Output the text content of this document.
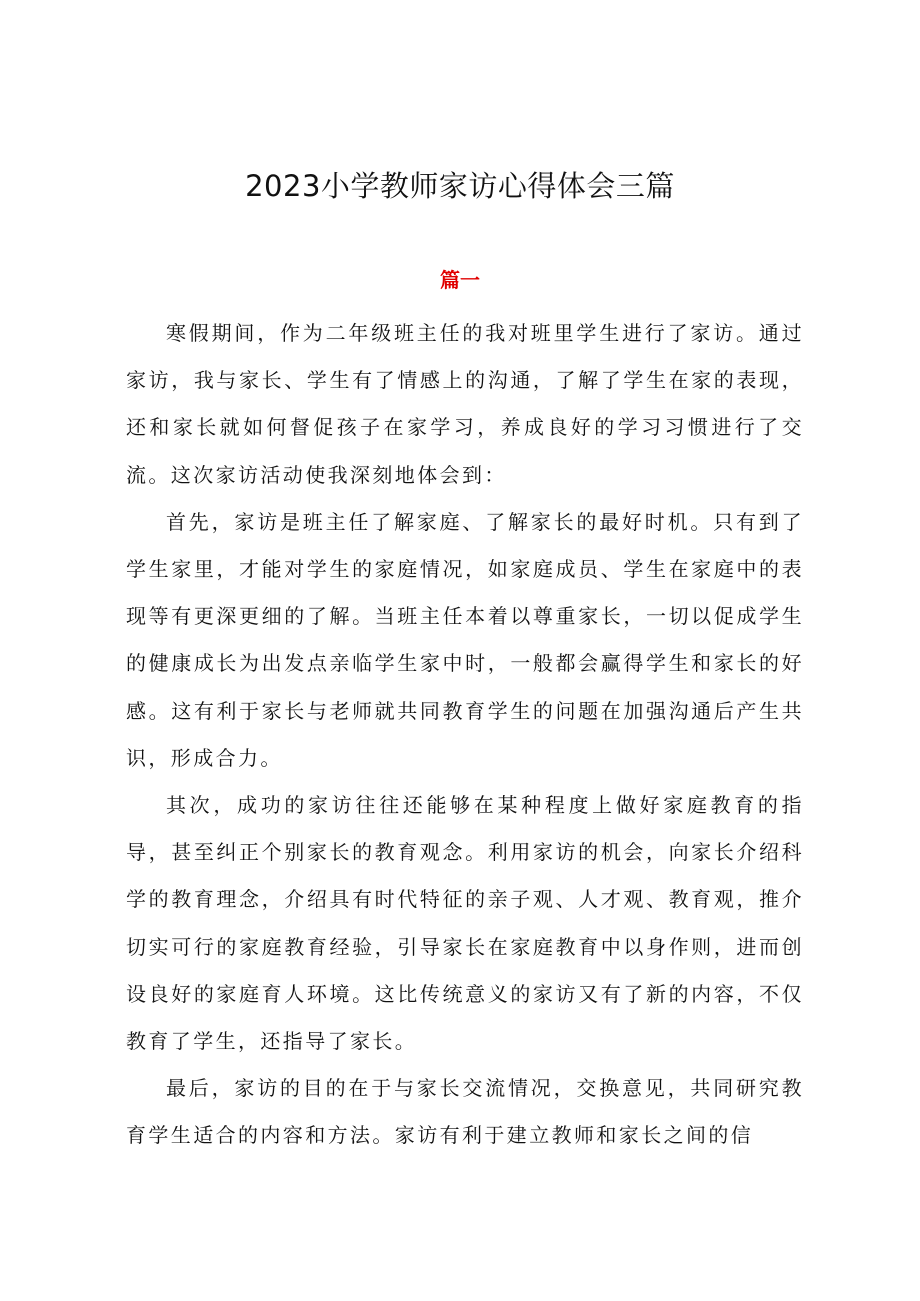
2023小学教师家访心得体会三篇
篇一

寒假期间，作为二年级班主任的我对班里学生进行了家访。通过家访，我与家长、学生有了情感上的沟通，了解了学生在家的表现，还和家长就如何督促孩子在家学习，养成良好的学习习惯进行了交流。这次家访活动使我深刻地体会到：

首先，家访是班主任了解家庭、了解家长的最好时机。只有到了学生家里，才能对学生的家庭情况，如家庭成员、学生在家庭中的表现等有更深更细的了解。当班主任本着以尊重家长，一切以促成学生的健康成长为出发点亲临学生家中时，一般都会赢得学生和家长的好感。这有利于家长与老师就共同教育学生的问题在加强沟通后产生共识，形成合力。

其次，成功的家访往往还能够在某种程度上做好家庭教育的指导，甚至纠正个别家长的教育观念。利用家访的机会，向家长介绍科学的教育理念，介绍具有时代特征的亲子观、人才观、教育观，推介切实可行的家庭教育经验，引导家长在家庭教育中以身作则，进而创设良好的家庭育人环境。这比传统意义的家访又有了新的内容，不仅教育了学生，还指导了家长。

最后，家访的目的在于与家长交流情况，交换意见，共同研究教育学生适合的内容和方法。家访有利于建立教师和家长之间的信
